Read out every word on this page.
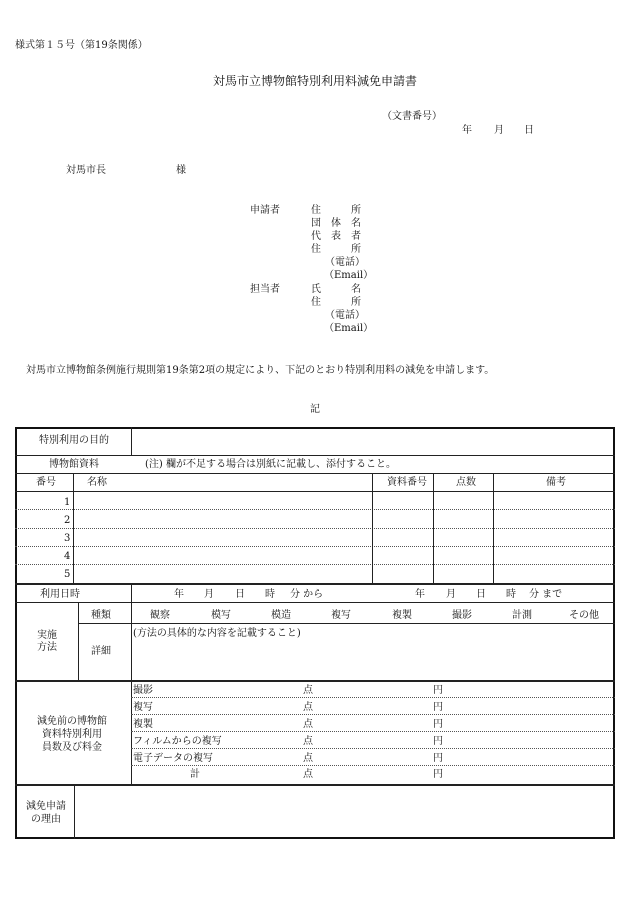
様式第１５号（第19条関係）
対馬市立博物館特別利用料減免申請書
（文書番号）
年 月 日
対馬市長	様
申請者	住　　　所
団　体　名
代　表　者
住　　　所
（電話）
（Email）
担当者	氏　　　名
住　　　所
（電話）
（Email）
対馬市立博物館条例施行規則第19条第2項の規定により、下記のとおり特別利用料の減免を申請します。
記
特別利用の目的
博物館資料	(注) 欄が不足する場合は別紙に記載し、添付すること。
番号	名称	資料番号	点数	備考
1
2
3
4
5
利用日時	年 月 日 時 分 から	年 月 日 時 分 まで
実施
方法
種類	観察	模写	模造	複写	複製	撮影	計測	その他
詳細
(方法の具体的な内容を記載すること)
減免前の博物館
資料特別利用
員数及び料金
撮影	点	円
複写	点	円
複製	点	円
フィルムからの複写	点	円
電子データの複写	点	円
計	点	円
減免申請
の理由
